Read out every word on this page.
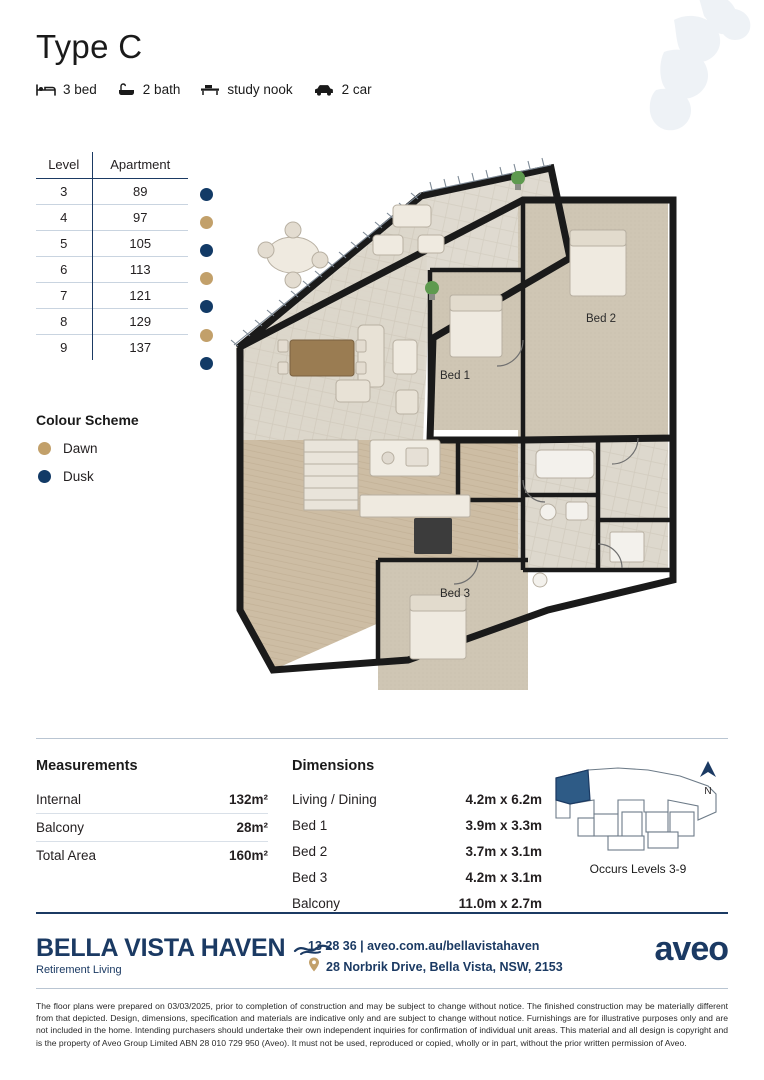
Type C
3 bed	2 bath	study nook	2 car
Level	Apartment
3	89
4	97
5	105
6	113
7	121
8	129
9	137
Colour Scheme
Dawn
Dusk
Bed 1
Bed 2
Bed 3
Measurements
Internal	132m²
Balcony	28m²
Total Area	160m²
Dimensions
Living / Dining	4.2m x 6.2m
Bed 1	3.9m x 3.3m
Bed 2	3.7m x 3.1m
Bed 3	4.2m x 3.1m
Balcony	11.0m x 2.7m
N
Occurs Levels 3-9
BELLA VISTA HAVEN
Retirement Living
13 28 36 | aveo.com.au/bellavistahaven
28 Norbrik Drive, Bella Vista, NSW, 2153	aveo
The floor plans were prepared on 03/03/2025, prior to completion of construction and may be subject to change without notice. The finished construction may be materially different from that depicted. Design, dimensions, specification and materials are indicative only and are subject to change without notice. Furnishings are for illustrative purposes only and are not included in the home. Intending purchasers should undertake their own independent inquiries for confirmation of individual unit areas. This material and all design is copyright and is the property of Aveo Group Limited ABN 28 010 729 950 (Aveo). It must not be used, reproduced or copied, wholly or in part, without the prior written permission of Aveo.
